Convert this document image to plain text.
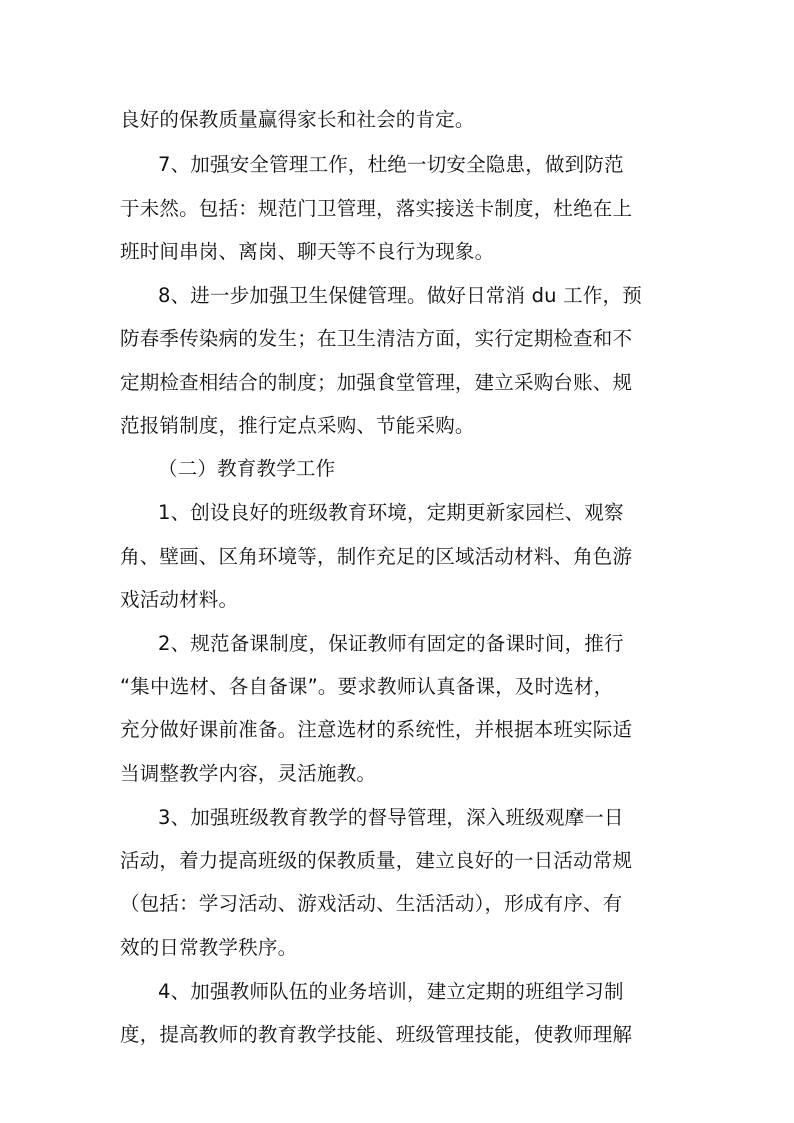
良好的保教质量赢得家长和社会的肯定。
7、加强安全管理工作，杜绝一切安全隐患，做到防范
于未然。包括：规范门卫管理，落实接送卡制度，杜绝在上
班时间串岗、离岗、聊天等不良行为现象。
8、进一步加强卫生保健管理。做好日常消 du 工作，预
防春季传染病的发生；在卫生清洁方面，实行定期检查和不
定期检查相结合的制度；加强食堂管理，建立采购台账、规
范报销制度，推行定点采购、节能采购。
（二）教育教学工作
1、创设良好的班级教育环境，定期更新家园栏、观察
角、壁画、区角环境等，制作充足的区域活动材料、角色游
戏活动材料。
2、规范备课制度，保证教师有固定的备课时间，推行
“集中选材、各自备课”。要求教师认真备课，及时选材，
充分做好课前准备。注意选材的系统性，并根据本班实际适
当调整教学内容，灵活施教。
3、加强班级教育教学的督导管理，深入班级观摩一日
活动，着力提高班级的保教质量，建立良好的一日活动常规
（包括：学习活动、游戏活动、生活活动），形成有序、有
效的日常教学秩序。
4、加强教师队伍的业务培训，建立定期的班组学习制
度，提高教师的教育教学技能、班级管理技能，使教师理解
